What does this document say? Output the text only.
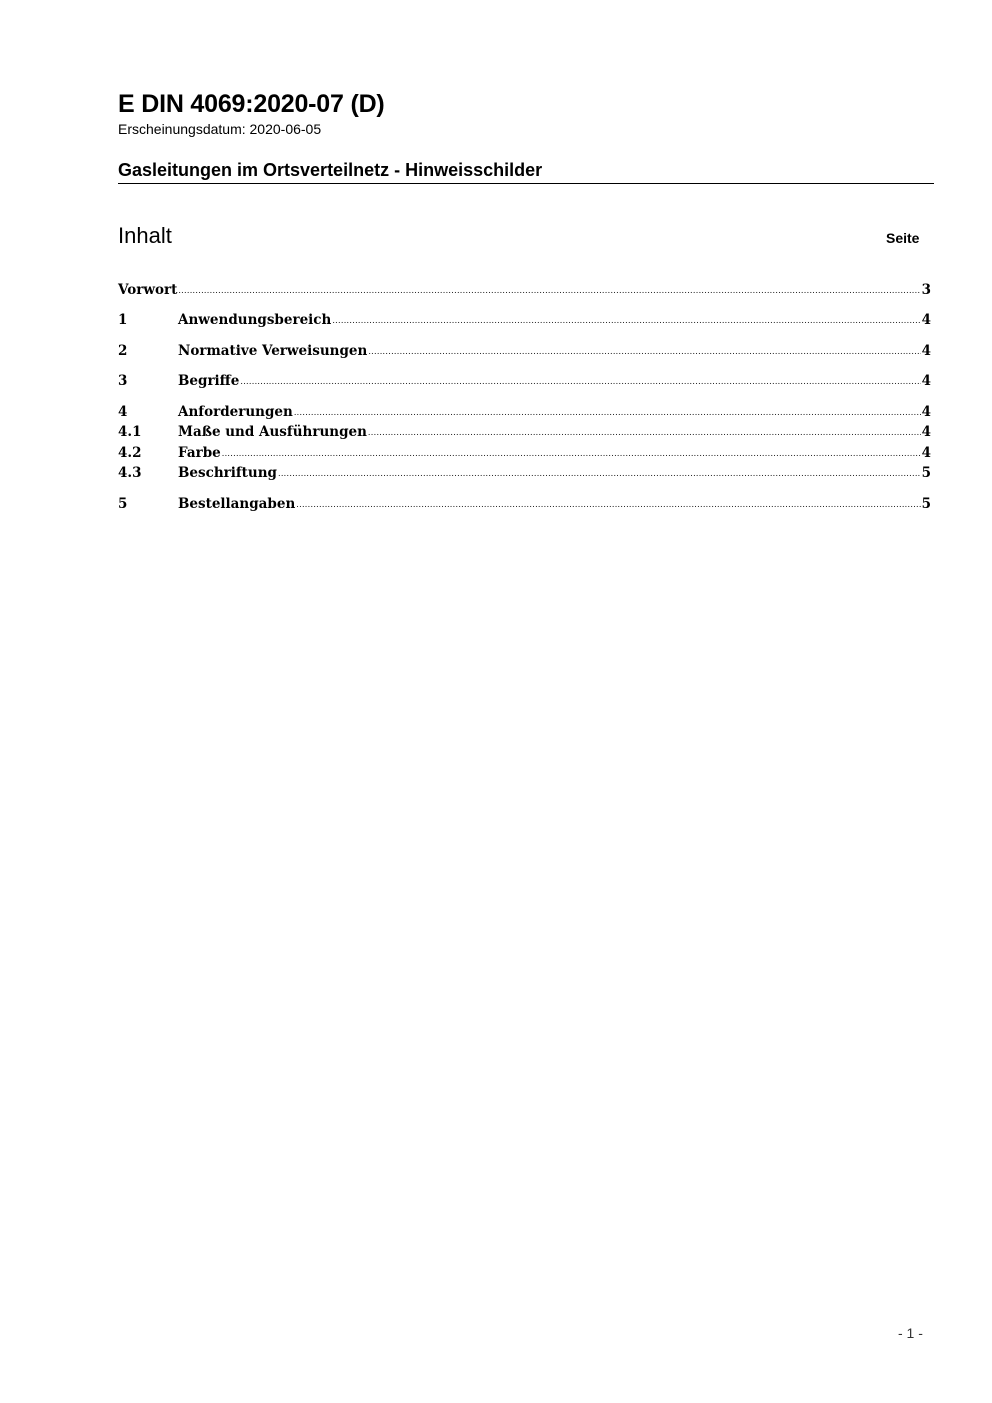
E DIN 4069:2020-07 (D)
Erscheinungsdatum: 2020-06-05
Gasleitungen im Ortsverteilnetz - Hinweisschilder
Inhalt	Seite
Vorwort .....	3
1	Anwendungsbereich .....	4
2	Normative Verweisungen .....	4
3	Begriffe .....	4
4	Anforderungen .....	4
4.1	Maße und Ausführungen .....	4
4.2	Farbe .....	4
4.3	Beschriftung .....	5
5	Bestellangaben .....	5
- 1 -
